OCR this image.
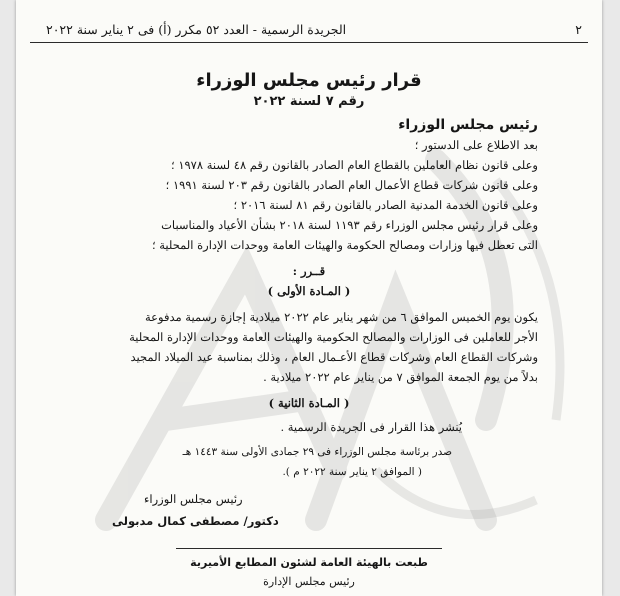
٢
الجريدة الرسمية - العدد ٥٢ مكرر (أ) فى ٢ يناير سنة ٢٠٢٢
قرار رئيس مجلس الوزراء
رقم ٧ لسنة ٢٠٢٢
رئيس مجلس الوزراء
بعد الاطلاع على الدستور ؛
وعلى قانون نظام العاملين بالقطاع العام الصادر بالقانون رقم ٤٨ لسنة ١٩٧٨ ؛
وعلى قانون شركات قطاع الأعمال العام الصادر بالقانون رقم ٢٠٣ لسنة ١٩٩١ ؛
وعلى قانون الخدمة المدنية الصادر بالقانون رقم ٨١ لسنة ٢٠١٦ ؛
وعلى قرار رئيس مجلس الوزراء رقم ١١٩٣ لسنة ٢٠١٨ بشأن الأعياد والمناسبات
التى تعطل فيها وزارات ومصالح الحكومة والهيئات العامة ووحدات الإدارة المحلية ؛
قــرر :
( المـادة الأولى )
يكون يوم الخميس الموافق ٦ من شهر يناير عام ٢٠٢٢ ميلادية إجازة رسمية مدفوعة
الأجر للعاملين فى الوزارات والمصالح الحكومية والهيئات العامة ووحدات الإدارة المحلية
وشركات القطاع العام وشركات قطاع الأعـمال العام ، وذلك بمناسبة عيد الميلاد المجيد
بدلاً من يوم الجمعة الموافق ٧ من يناير عام ٢٠٢٢ ميلادية .
( المـادة الثانية )
يُنشر هذا القرار فى الجريدة الرسمية .
صدر برئاسة مجلس الوزراء فى ٢٩ جمادى الأولى سنة ١٤٤٣ هـ
( الموافق ٢ يناير سنة ٢٠٢٢ م ).
رئيس مجلس الوزراء
دكتور/ مصطفى كمال مدبولى
طبعت بالهيئة العامة لشئون المطابع الأميرية
رئيس مجلس الإدارة
